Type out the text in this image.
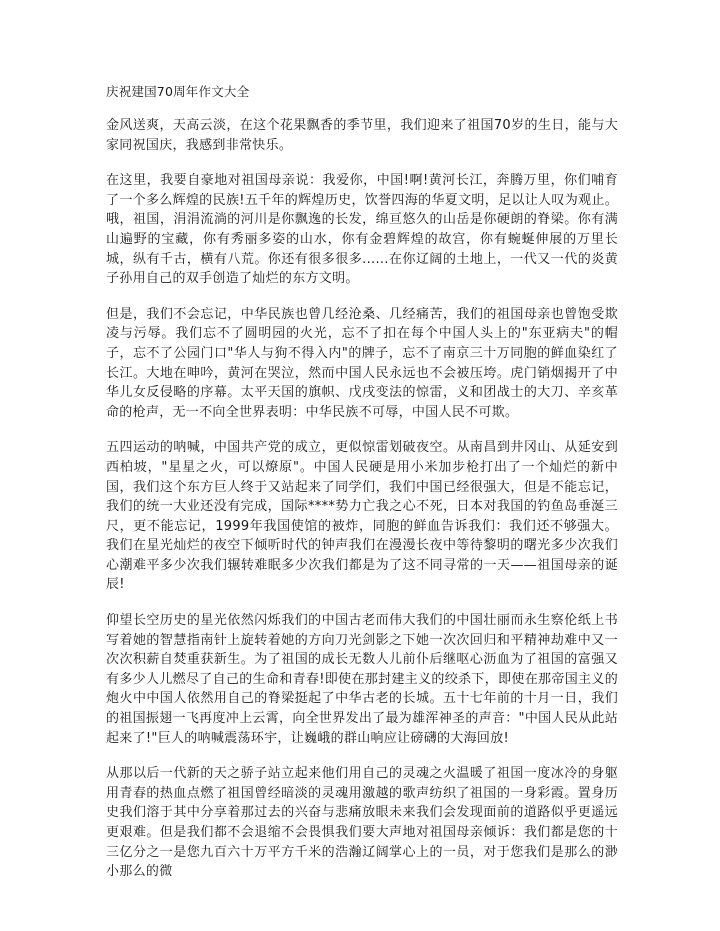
庆祝建国70周年作文大全

金风送爽，天高云淡，在这个花果飘香的季节里，我们迎来了祖国70岁的生日，能与大家同祝国庆，我感到非常快乐。

在这里，我要自豪地对祖国母亲说：我爱你，中国!啊!黄河长江，奔腾万里，你们哺育了一个多么辉煌的民族!五千年的辉煌历史，饮誉四海的华夏文明，足以让人叹为观止。哦，祖国，涓涓流淌的河川是你飘逸的长发，绵亘悠久的山岳是你硬朗的脊梁。你有满山遍野的宝藏，你有秀丽多姿的山水，你有金碧辉煌的故宫，你有蜿蜒伸展的万里长城，纵有千古，横有八荒。你还有很多很多......在你辽阔的土地上，一代又一代的炎黄子孙用自己的双手创造了灿烂的东方文明。

但是，我们不会忘记，中华民族也曾几经沧桑、几经痛苦，我们的祖国母亲也曾饱受欺凌与污辱。我们忘不了圆明园的火光，忘不了扣在每个中国人头上的"东亚病夫"的帽子，忘不了公园门口"华人与狗不得入内"的牌子，忘不了南京三十万同胞的鲜血染红了长江。大地在呻吟，黄河在哭泣，然而中国人民永远也不会被压垮。虎门销烟揭开了中华儿女反侵略的序幕。太平天国的旗帜、戊戌变法的惊雷，义和团战士的大刀、辛亥革命的枪声，无一不向全世界表明：中华民族不可辱，中国人民不可欺。

五四运动的呐喊，中国共产党的成立，更似惊雷划破夜空。从南昌到井冈山、从延安到西柏坡，"星星之火，可以燎原"。中国人民硬是用小米加步枪打出了一个灿烂的新中国，我们这个东方巨人终于又站起来了同学们，我们中国已经很强大，但是不能忘记，我们的统一大业还没有完成，国际****势力亡我之心不死，日本对我国的钓鱼岛垂涎三尺，更不能忘记，1999年我国使馆的被炸，同胞的鲜血告诉我们：我们还不够强大。我们在星光灿烂的夜空下倾听时代的钟声我们在漫漫长夜中等待黎明的曙光多少次我们心潮难平多少次我们辗转难眠多少次我们都是为了这不同寻常的一天——祖国母亲的诞辰!

仰望长空历史的星光依然闪烁我们的中国古老而伟大我们的中国壮丽而永生察伦纸上书写着她的智慧指南针上旋转着她的方向刀光剑影之下她一次次回归和平精神劫难中又一次次积薪自焚重获新生。为了祖国的成长无数人儿前仆后继呕心沥血为了祖国的富强又有多少人儿燃尽了自己的生命和青春!即使在那封建主义的绞杀下，即使在那帝国主义的炮火中中国人依然用自己的脊梁挺起了中华古老的长城。五十七年前的十月一日，我们的祖国振翅一飞再度冲上云霄，向全世界发出了最为雄浑神圣的声音："中国人民从此站起来了!"巨人的呐喊震荡环宇，让巍峨的群山响应让磅礴的大海回放!

从那以后一代新的天之骄子站立起来他们用自己的灵魂之火温暖了祖国一度冰冷的身躯用青春的热血点燃了祖国曾经暗淡的灵魂用激越的歌声纺织了祖国的一身彩霞。置身历史我们溶于其中分享着那过去的兴奋与悲痛放眼未来我们会发现面前的道路似乎更遥远更艰难。但是我们都不会退缩不会畏惧我们要大声地对祖国母亲倾诉：我们都是您的十三亿分之一是您九百六十万平方千米的浩瀚辽阔掌心上的一员，对于您我们是那么的渺小那么的微
